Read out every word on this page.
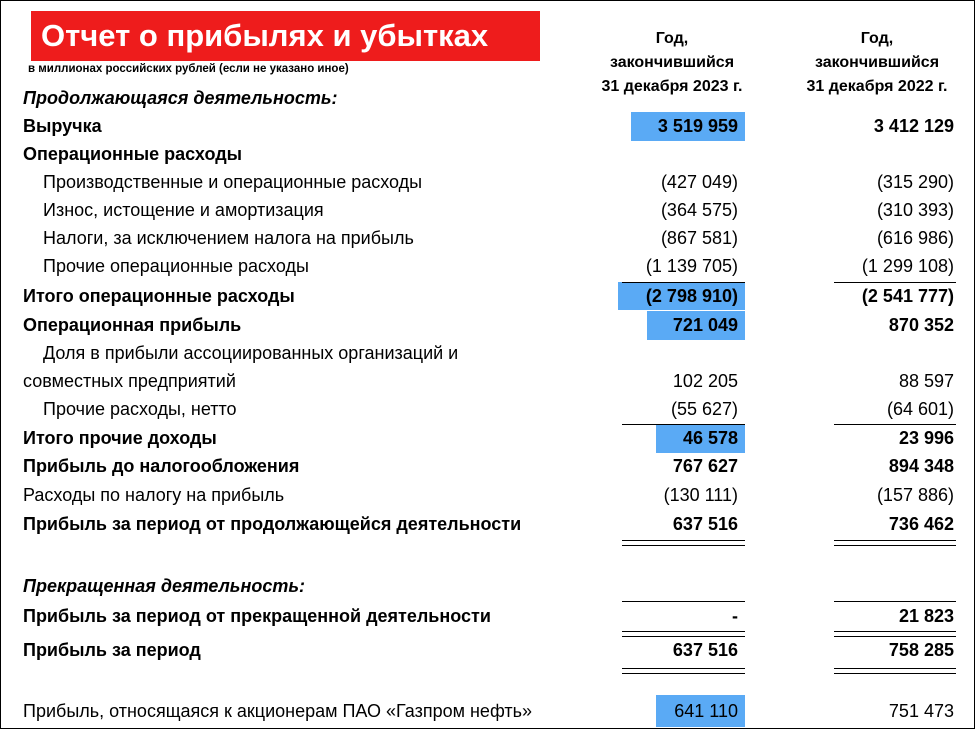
Отчет о прибылях и убытках
в миллионах российских рублей (если не указано иное)
Год,
закончившийся
31 декабря 2023 г.
Год,
закончившийся
31 декабря 2022 г.
Продолжающаяся деятельность:
Выручка	3 519 959	3 412 129
Операционные расходы
Производственные и операционные расходы	(427 049)	(315 290)
Износ, истощение и амортизация	(364 575)	(310 393)
Налоги, за исключением налога на прибыль	(867 581)	(616 986)
Прочие операционные расходы	(1 139 705)	(1 299 108)
Итого операционные расходы	(2 798 910)	(2 541 777)
Операционная прибыль	721 049	870 352
Доля в прибыли ассоциированных организаций и
совместных предприятий	102 205	88 597
Прочие расходы, нетто	(55 627)	(64 601)
Итого прочие доходы	46 578	23 996
Прибыль до налогообложения	767 627	894 348
Расходы по налогу на прибыль	(130 111)	(157 886)
Прибыль за период от продолжающейся деятельности	637 516	736 462
Прекращенная деятельность:
Прибыль за период от прекращенной деятельности	-	21 823
Прибыль за период	637 516	758 285
Прибыль, относящаяся к акционерам ПАО «Газпром нефть»	641 110	751 473
